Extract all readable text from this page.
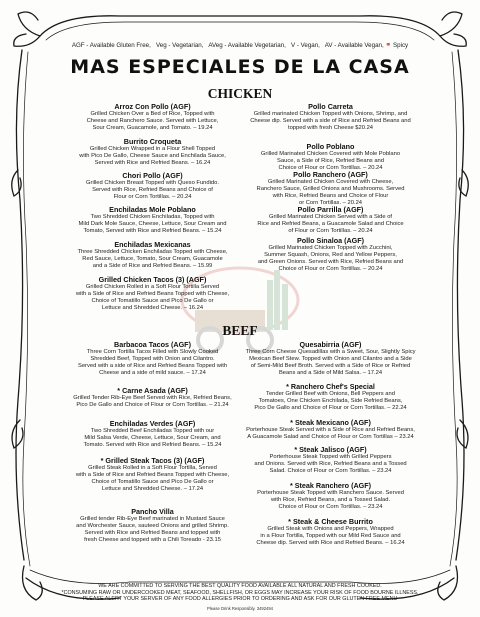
AGF - Available Gluten Free, Veg - Vegetarian, AVeg - Available Vegetarian, V - Vegan, AV - Available Vegan, ⚭ Spicy
MAS ESPECIALES DE LA CASA
CHICKEN
BEEF
Arroz Con Pollo (AGF)
Grilled Chicken Over a Bed of Rice, Topped with
Cheese and Ranchero Sauce. Served with Lettuce,
Sour Cream, Guacamole, and Tomato. – 19.24
Burrito Croqueta
Grilled Chicken Wrapped in a Flour Shell Topped
with Pico De Gallo, Cheese Sauce and Enchilada Sauce,
Served with Rice and Refried Beans. – 16.24
Chori Pollo (AGF)
Grilled Chicken Breast Topped with Queso Fundido.
Served with Rice, Refried Beans and Choice of
Flour or Corn Tortillas. – 20.24
Enchiladas Mole Poblano
Two Shredded Chicken Enchiladas, Topped with
Mild Dark Mole Sauce, Cheese, Lettuce, Sour Cream and
Tomato, Served with Rice and Refried Beans. – 15.24
Enchiladas Mexicanas
Three Shredded Chicken Enchiladas Topped with Cheese,
Red Sauce, Lettuce, Tomato, Sour Cream, Guacamole
and a Side of Rice and Refried Beans. – 15.99
Grilled Chicken Tacos (3) (AGF)
Grilled Chicken Rolled in a Soft Flour Tortilla Served
with a Side of Rice and Refried Beans Topped with Cheese,
Choice of Tomatillo Sauce and Pico De Gallo or
Lettuce and Shredded Cheese. – 16.24
Pollo Carreta
Grilled marinated Chicken Topped with Onions, Shrimp, and
Cheese dip. Served with a side of Rice and Refried Beans and
topped with fresh Cheese $20.24
Pollo Poblano
Grilled Marinated Chicken Covered with Mole Poblano
Sauce, a Side of Rice, Refried Beans and
Choice of Flour or Corn Tortillas. – 20.24
Pollo Ranchero (AGF)
Grilled Marinated Chicken Covered with Cheese,
Ranchero Sauce, Grilled Onions and Mushrooms. Served
with Rice, Refried Beans and Choice of Flour
or Corn Tortillas. – 20.24
Pollo Parrilla (AGF)
Grilled Marinated Chicken Served with a Side of
Rice and Refried Beans, a Guacamole Salad and Choice
of Flour or Corn Tortillas. – 20.24
Pollo Sinaloa (AGF)
Grilled Marinated Chicken Topped with Zucchini,
Summer Squash, Onions, Red and Yellow Peppers,
and Green Onions. Served with Rice, Refried Beans and
Choice of Flour or Corn Tortillas. – 20.24
Barbacoa Tacos (AGF)
Three Corn Tortilla Tacos Filled with Slowly Cooked
Shredded Beef, Topped with Onion and Cilantro.
Served with a side of Rice and Refried Beans Topped with
Cheese and a side of mild sauce. – 17.24
* Carne Asada (AGF)
Grilled Tender Rib-Eye Beef Served with Rice, Refried Beans,
Pico De Gallo and Choice of Flour or Corn Tortillas. – 21.24
Enchiladas Verdes (AGF)
Two Shredded Beef Enchiladas Topped with our
Mild Salsa Verde, Cheese, Lettuce, Sour Cream, and
Tomato. Served with Rice and Refried Beans. – 15.24
* Grilled Steak Tacos (3) (AGF)
Grilled Steak Rolled in a Soft Flour Tortilla, Served
with a Side of Rice and Refried Beans Topped with Cheese,
Choice of Tomatillo Sauce and Pico De Gallo or
Lettuce and Shredded Cheese. – 17.24
Pancho Villa
Grilled tender Rib-Eye Beef marinated in Mustard Sauce
and Worchester Sauce, sauteed Onions and grilled Shrimp.
Served with Rice and Refried Beans and topped with
fresh Cheese and topped with a Chili Toreado - 23.15
Quesabirria (AGF)
Three Corn Cheese Quesadillas with a Sweet, Sour, Slightly Spicy
Mexican Beef Stew. Topped with Onion and Cilantro and a Side
of Semi-Mild Beef Broth. Served with a Side of Rice or Refried
Beans and a Side of Mild Salsa. – 17.24
* Ranchero Chef's Special
Tender Grilled Beef with Onions, Bell Peppers and
Tomatoes, One Chicken Enchilada, Side Refried Beans,
Pico De Gallo and Choice of Flour or Corn Tortillas. – 22.24
* Steak Mexicano (AGF)
Porterhouse Steak Served with a Side of Rice and Refried Beans,
A Guacamole Salad and Choice of Flour or Corn Tortillas – 23.24
* Steak Jalisco (AGF)
Porterhouse Steak Topped with Grilled Peppers
and Onions. Served with Rice, Refried Beans and a Tossed
Salad. Choice of Flour or Corn Tortillas. – 23.24
* Steak Ranchero (AGF)
Porterhouse Steak Topped with Ranchero Sauce. Served
with Rice, Refried Beans, and a Tossed Salad.
Choice of Flour or Corn Tortillas. – 23.24
* Steak & Cheese Burrito
Grilled Steak with Onions and Peppers, Wrapped
in a Flour Tortilla, Topped with our Mild Red Sauce and
Cheese dip. Served with Rice and Refried Beans. – 16.24
WE ARE COMMITTED TO SERVING THE BEST QUALITY FOOD AVAILABLE ALL NATURAL AND FRESH COOKED.
*CONSUMING RAW OR UNDERCOOKED MEAT, SEAFOOD, SHELLFISH, OR EGGS MAY INCREASE YOUR RISK OF FOOD BOURNE ILLNESS.
PLEASE ALERT YOUR SERVER OF ANY FOOD ALLERGIES PRIOR TO ORDERING AND ASK FOR OUR GLUTEN FREE MENU
Please Drink Responsibly. 3492494
